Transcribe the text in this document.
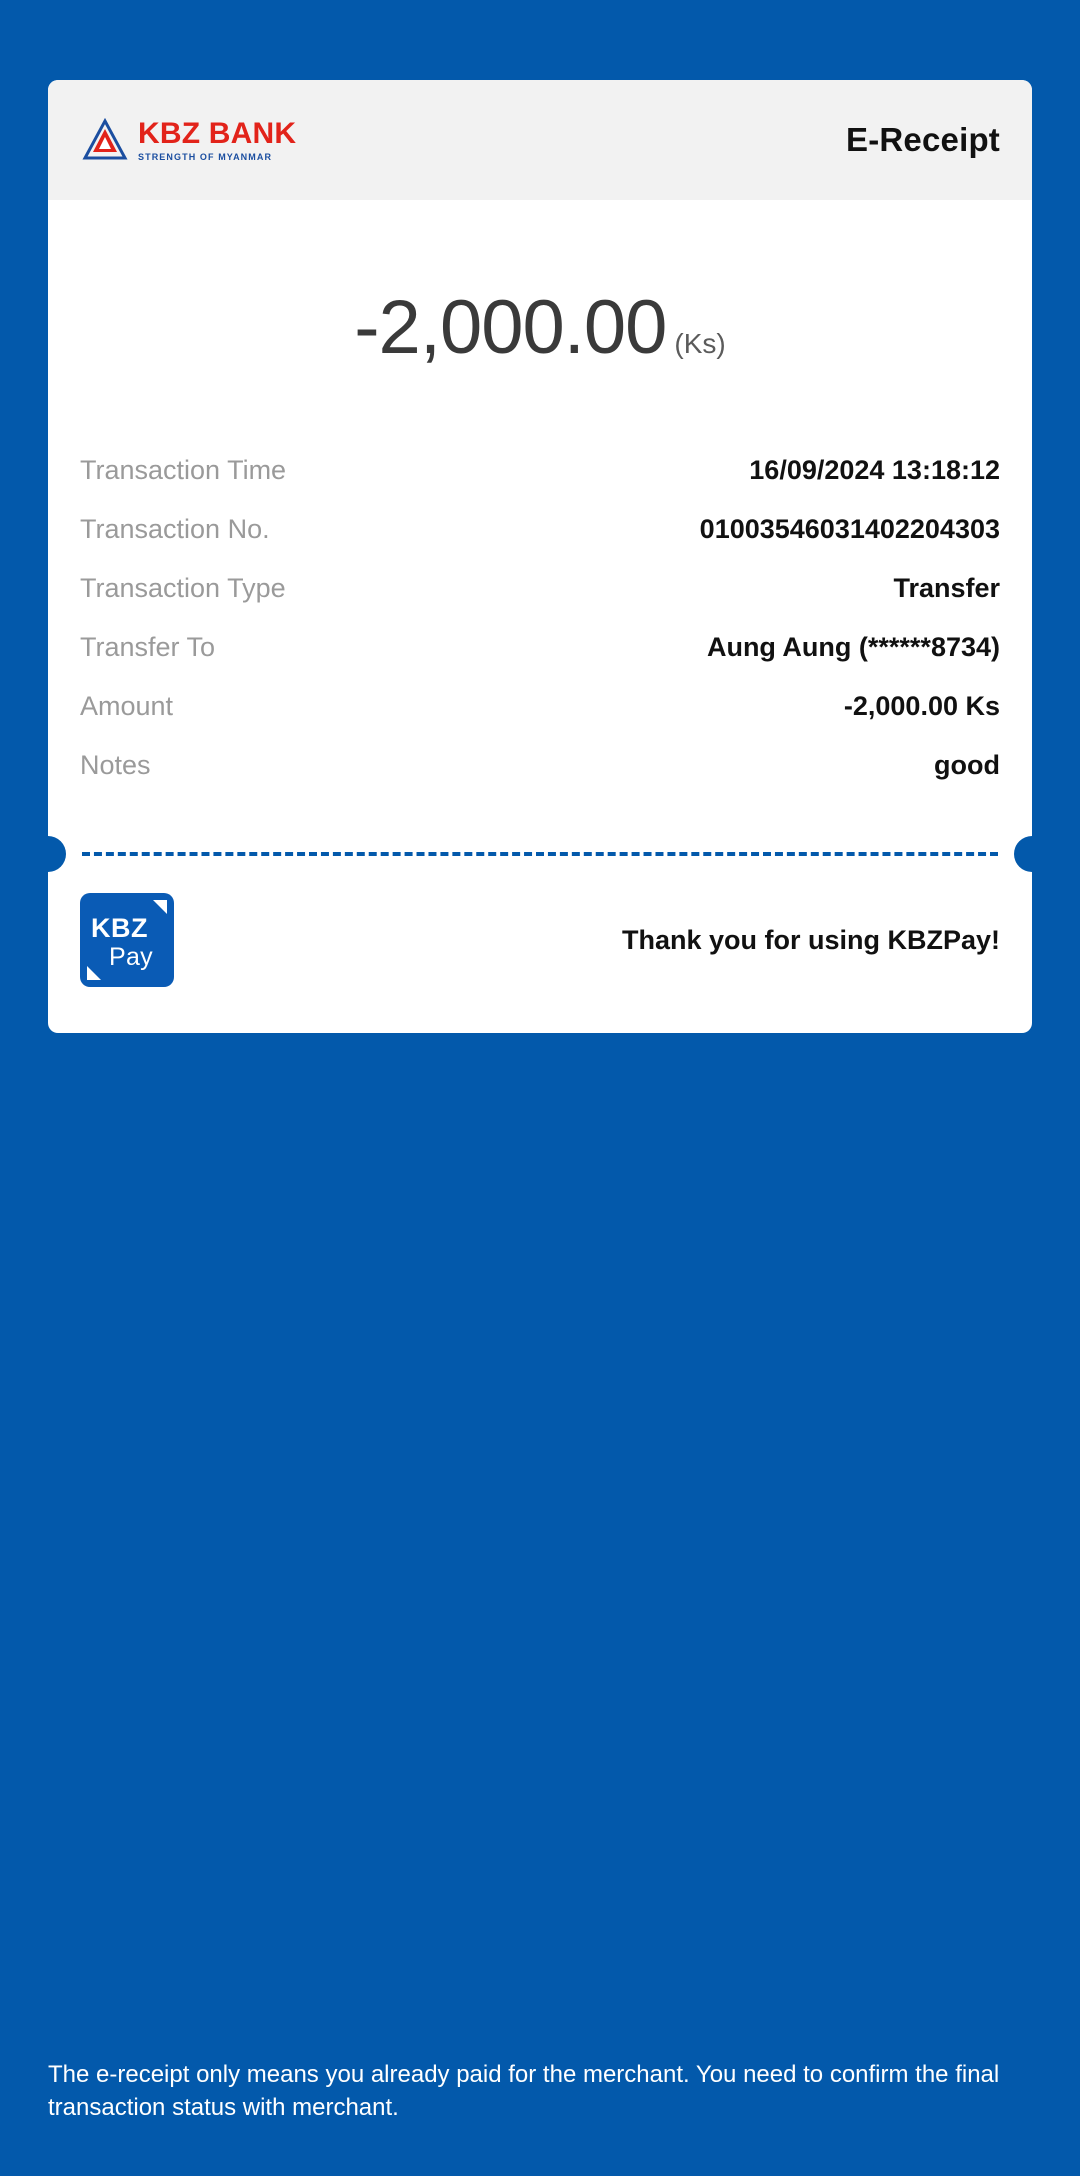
KBZ BANK
STRENGTH OF MYANMAR	E-Receipt
-2,000.00 (Ks)
Transaction Time	16/09/2024 13:18:12
Transaction No.	01003546031402204303
Transaction Type	Transfer
Transfer To	Aung Aung (******8734)
Amount	-2,000.00 Ks
Notes	good
KBZ
Pay
Thank you for using KBZPay!
The e-receipt only means you already paid for the merchant. You need to confirm the final transaction status with merchant.
